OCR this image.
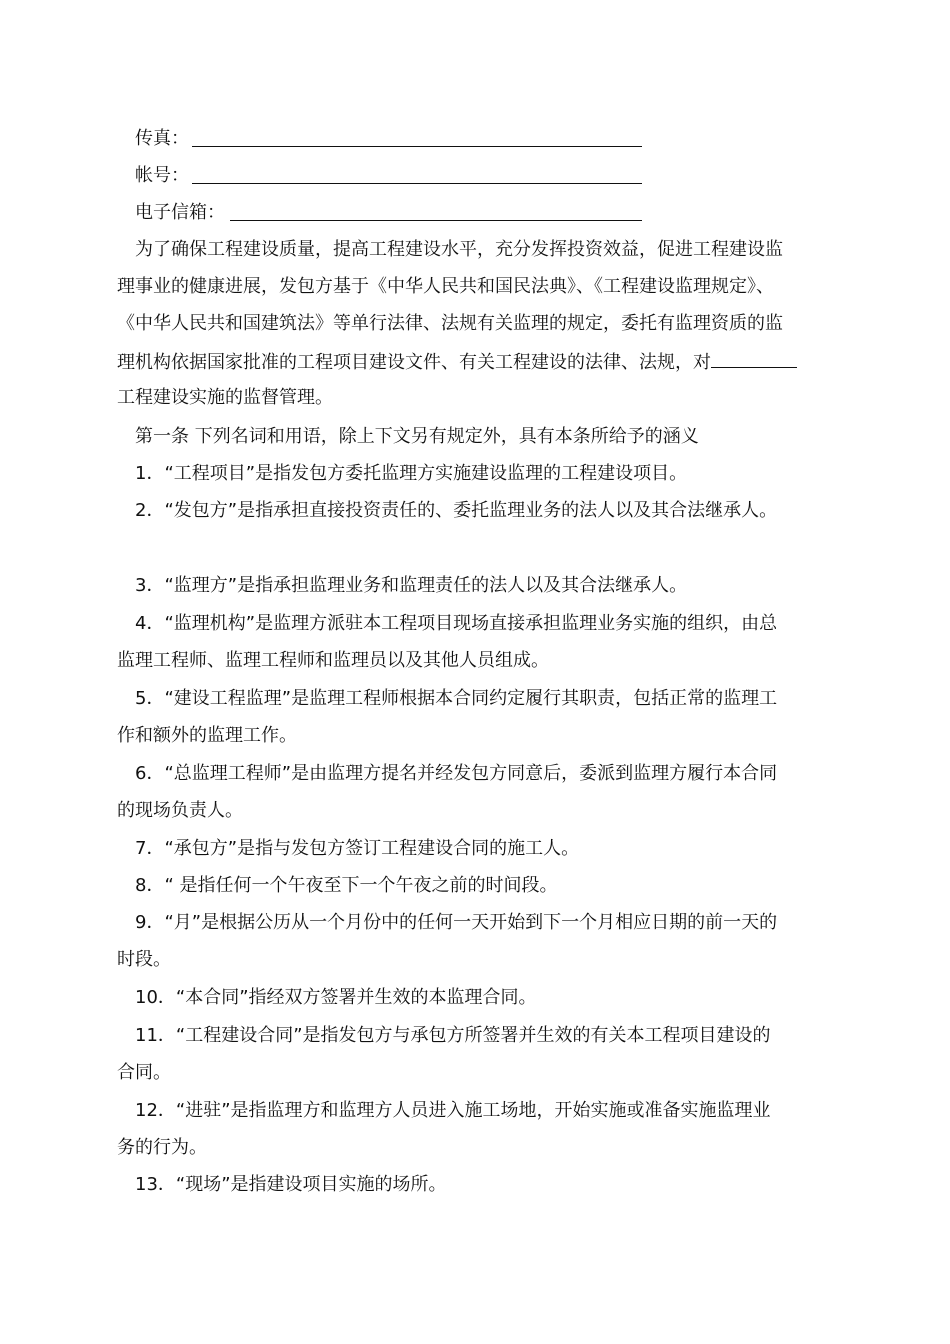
传真：
帐号：
电子信箱：
为了确保工程建设质量，提高工程建设水平，充分发挥投资效益，促进工程建设监
理事业的健康进展，发包方基于《中华人民共和国民法典》、《工程建设监理规定》、
《中华人民共和国建筑法》等单行法律、法规有关监理的规定，委托有监理资质的监
理机构依据国家批准的工程项目建设文件、有关工程建设的法律、法规，对
工程建设实施的监督管理。
第一条 下列名词和用语，除上下文另有规定外，具有本条所给予的涵义
1．“工程项目”是指发包方委托监理方实施建设监理的工程建设项目。
2．“发包方”是指承担直接投资责任的、委托监理业务的法人以及其合法继承人。
3．“监理方”是指承担监理业务和监理责任的法人以及其合法继承人。
4．“监理机构”是监理方派驻本工程项目现场直接承担监理业务实施的组织，由总
监理工程师、监理工程师和监理员以及其他人员组成。
5．“建设工程监理”是监理工程师根据本合同约定履行其职责，包括正常的监理工
作和额外的监理工作。
6．“总监理工程师”是由监理方提名并经发包方同意后，委派到监理方履行本合同
的现场负责人。
7．“承包方”是指与发包方签订工程建设合同的施工人。
8．“ 是指任何一个午夜至下一个午夜之前的时间段。
9．“月”是根据公历从一个月份中的任何一天开始到下一个月相应日期的前一天的
时段。
10．“本合同”指经双方签署并生效的本监理合同。
11．“工程建设合同”是指发包方与承包方所签署并生效的有关本工程项目建设的
合同。
12．“进驻”是指监理方和监理方人员进入施工场地，开始实施或准备实施监理业
务的行为。
13．“现场”是指建设项目实施的场所。
